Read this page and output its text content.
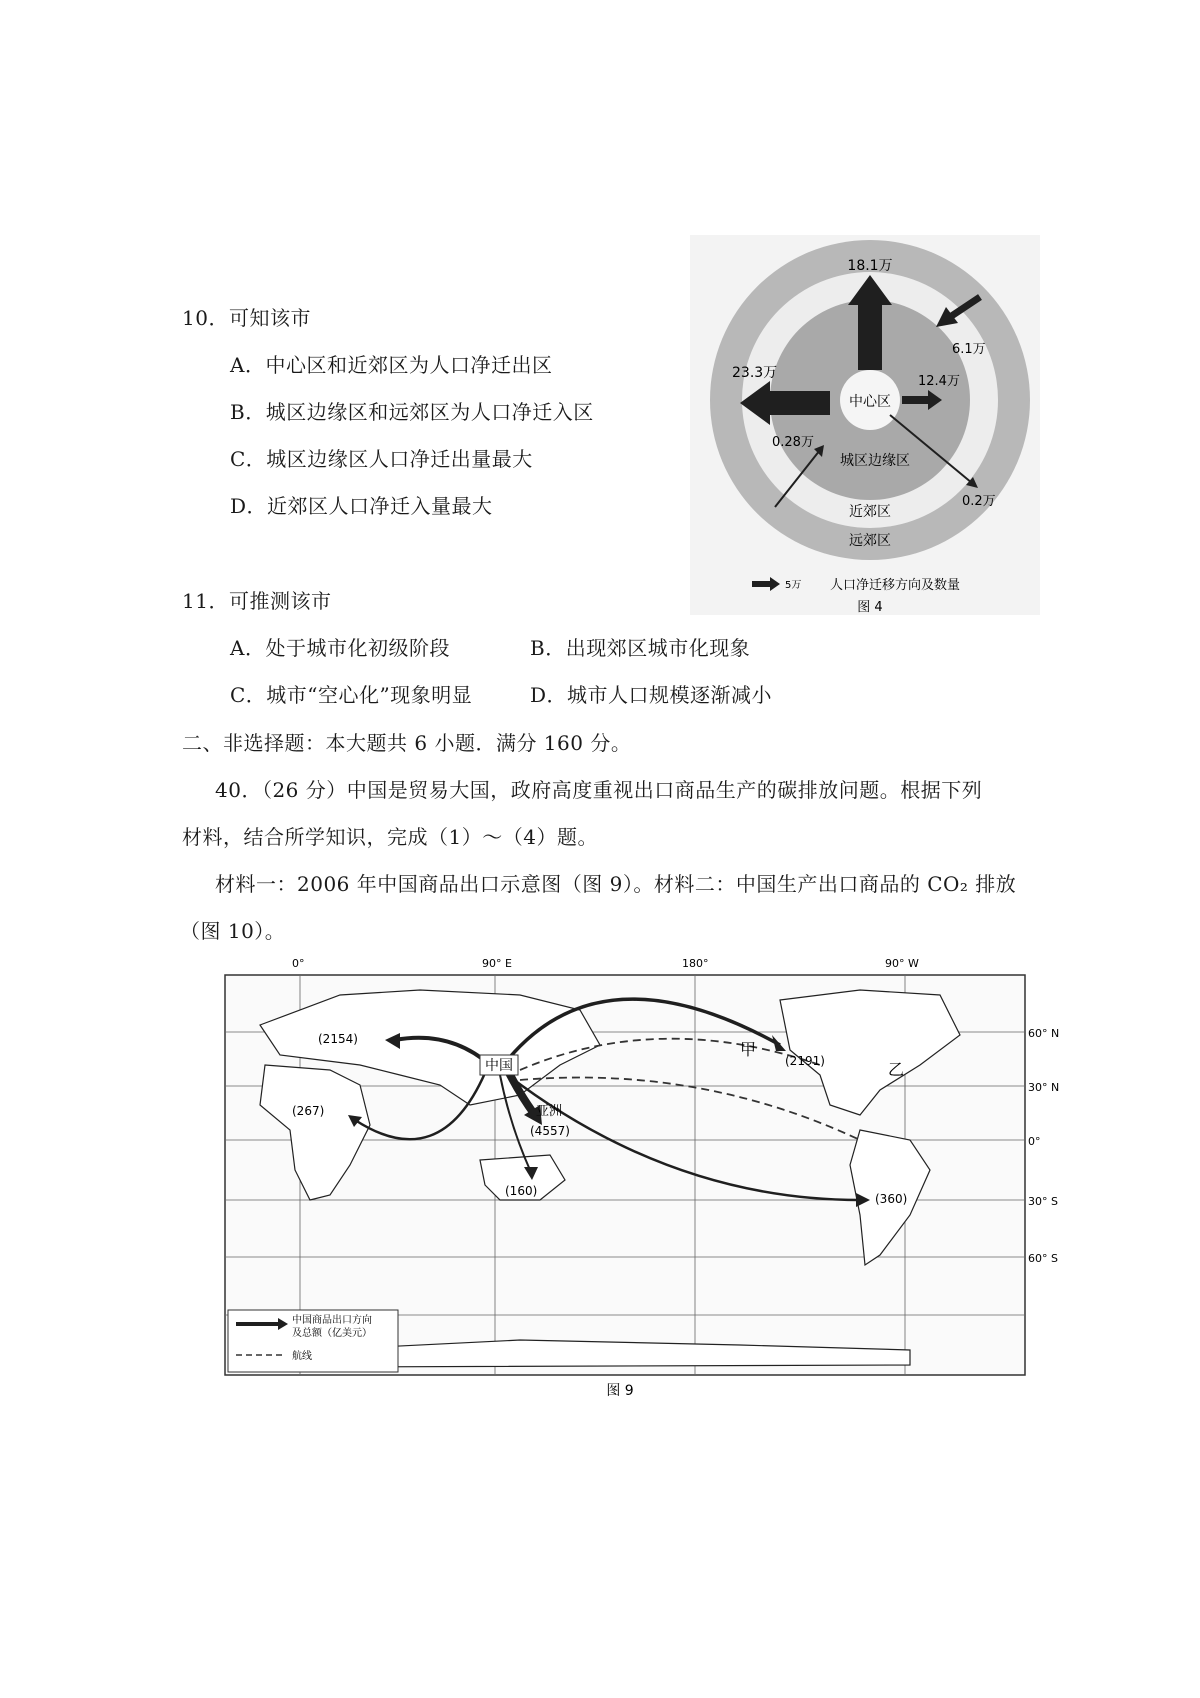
10．可知该市
A．中心区和近郊区为人口净迁出区
B．城区边缘区和远郊区为人口净迁入区
C．城区边缘区人口净迁出量最大
D．近郊区人口净迁入量最大
11．可推测该市
A．处于城市化初级阶段	B．出现郊区城市化现象
C．城市“空心化”现象明显	D．城市人口规模逐渐减小
二、非选择题：本大题共 6 小题．满分 160 分。
40．（26 分）中国是贸易大国，政府高度重视出口商品生产的碳排放问题。根据下列
材料，结合所学知识，完成（1）～（4）题。
材料一：2006 年中国商品出口示意图（图 9）。材料二：中国生产出口商品的 CO₂ 排放
（图 10）。
中心区
城区边缘区
近郊区
远郊区
18.1万
6.1万
23.3万
12.4万
0.28万
0.2万
5万 人口净迁移方向及数量
图 4
0°	90° E	180°	90° W
60° N
30° N
0°
30° S
60° S
中国
亚洲
(2154)
(267)
(4557)
(160)
(2191)
(360)
甲
乙
中国商品出口方向
及总额（亿美元）
航线
图 9
